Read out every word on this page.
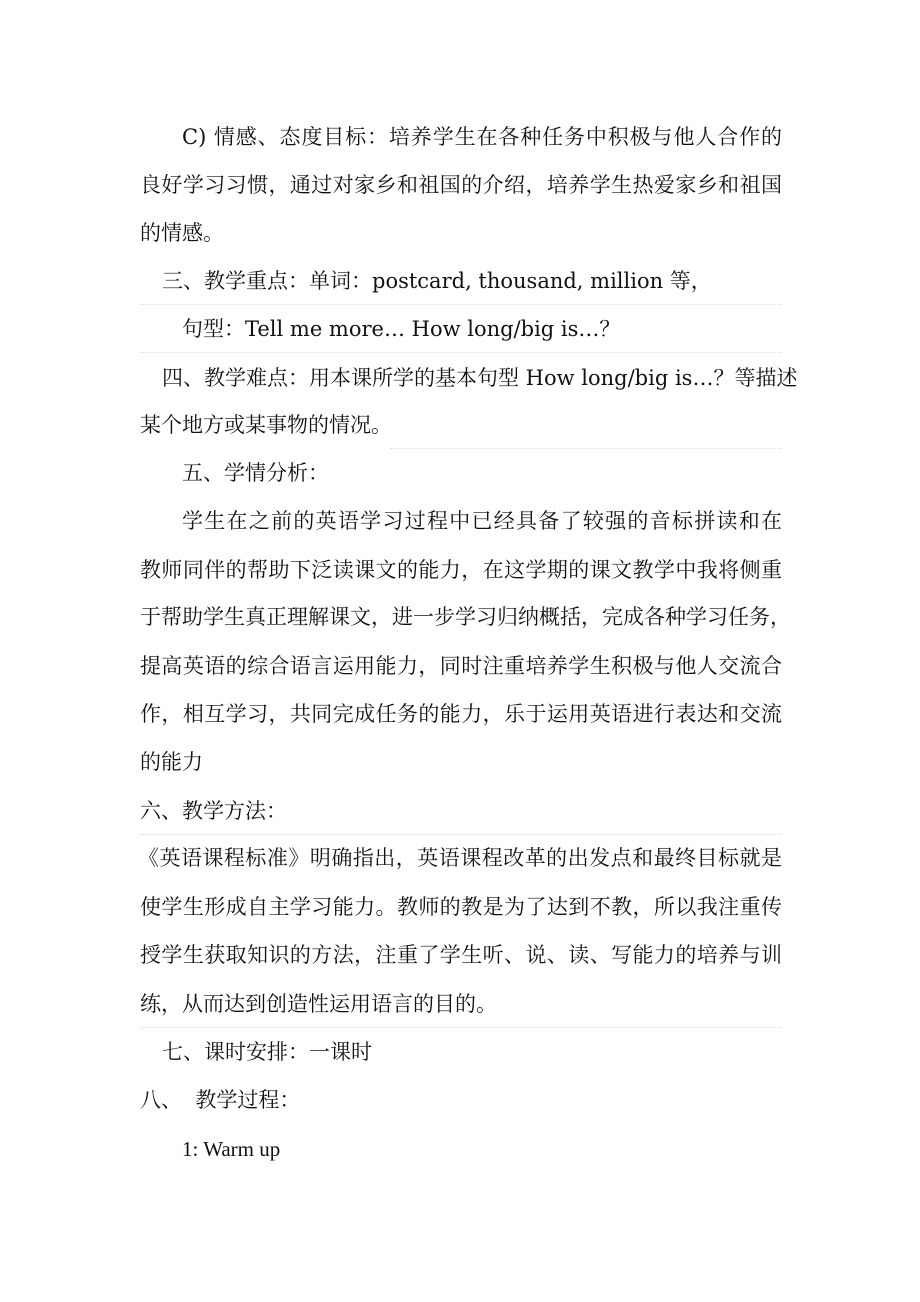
C) 情感、态度目标：培养学生在各种任务中积极与他人合作的
良好学习习惯，通过对家乡和祖国的介绍，培养学生热爱家乡和祖国
的情感。
三、教学重点：单词：postcard, thousand, million 等，
句型：Tell me more… How long/big is…？
四、教学难点：用本课所学的基本句型 How long/big is…？等描述
某个地方或某事物的情况。
五、学情分析：
学生在之前的英语学习过程中已经具备了较强的音标拼读和在
教师同伴的帮助下泛读课文的能力，在这学期的课文教学中我将侧重
于帮助学生真正理解课文，进一步学习归纳概括，完成各种学习任务，
提高英语的综合语言运用能力，同时注重培养学生积极与他人交流合
作，相互学习，共同完成任务的能力，乐于运用英语进行表达和交流
的能力
六、教学方法：
《英语课程标准》明确指出，英语课程改革的出发点和最终目标就是
使学生形成自主学习能力。教师的教是为了达到不教，所以我注重传
授学生获取知识的方法，注重了学生听、说、读、写能力的培养与训
练，从而达到创造性运用语言的目的。
七、课时安排：一课时
八、  教学过程：
1: Warm up
